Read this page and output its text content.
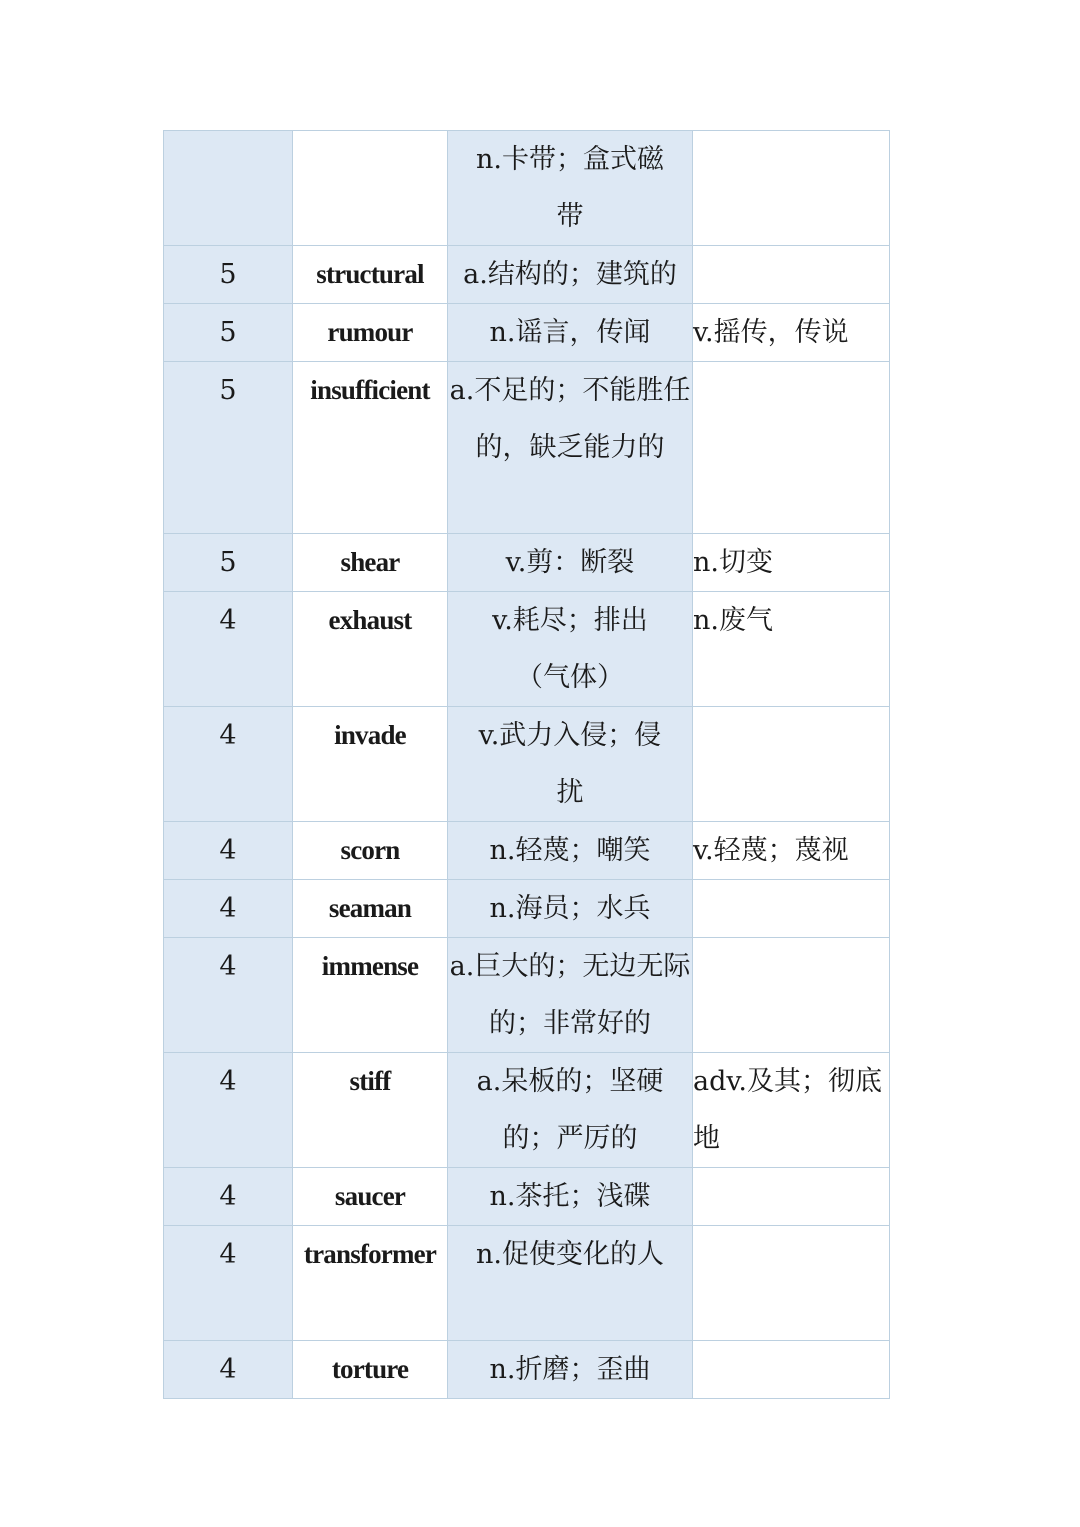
		n.卡带；盒式磁带	

5	structural	a.结构的；建筑的	

5	rumour	n.谣言，传闻	v.摇传，传说

5	insufficient	a.不足的；不能胜任的，缺乏能力的	

5	shear	v.剪：断裂	n.切变

4	exhaust	v.耗尽；排出（气体）	n.废气

4	invade	v.武力入侵；侵扰	

4	scorn	n.轻蔑；嘲笑	v.轻蔑；蔑视

4	seaman	n.海员；水兵	

4	immense	a.巨大的；无边无际的；非常好的	

4	stiff	a.呆板的；坚硬的；严厉的	adv.及其；彻底地

4	saucer	n.茶托；浅碟	

4	transformer	n.促使变化的人	

4	torture	n.折磨；歪曲	
